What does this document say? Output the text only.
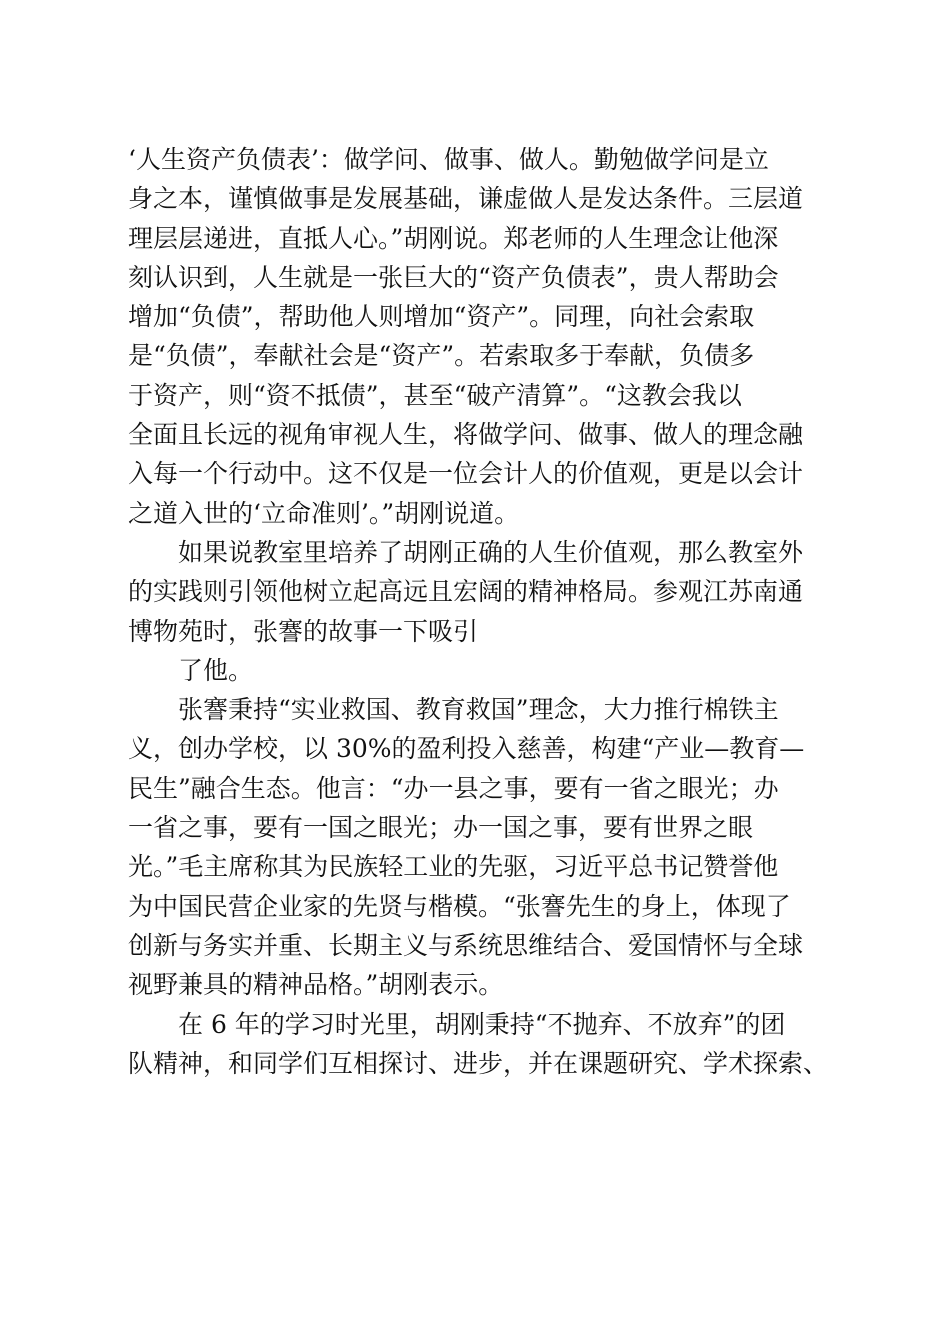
‘人生资产负债表’：做学问、做事、做人。勤勉做学问是立
身之本，谨慎做事是发展基础，谦虚做人是发达条件。三层道
理层层递进，直抵人心。”胡刚说。郑老师的人生理念让他深
刻认识到，人生就是一张巨大的“资产负债表”，贵人帮助会
增加“负债”，帮助他人则增加“资产”。同理，向社会索取
是“负债”，奉献社会是“资产”。若索取多于奉献，负债多
于资产，则“资不抵债”，甚至“破产清算”。“这教会我以
全面且长远的视角审视人生，将做学问、做事、做人的理念融
入每一个行动中。这不仅是一位会计人的价值观，更是以会计
之道入世的‘立命准则’。”胡刚说道。
如果说教室里培养了胡刚正确的人生价值观，那么教室外
的实践则引领他树立起高远且宏阔的精神格局。参观江苏南通
博物苑时，张謇的故事一下吸引
了他。
张謇秉持“实业救国、教育救国”理念，大力推行棉铁主
义，创办学校，以 30%的盈利投入慈善，构建“产业—教育—
民生”融合生态。他言：“办一县之事，要有一省之眼光；办
一省之事，要有一国之眼光；办一国之事，要有世界之眼
光。”毛主席称其为民族轻工业的先驱，习近平总书记赞誉他
为中国民营企业家的先贤与楷模。“张謇先生的身上，体现了
创新与务实并重、长期主义与系统思维结合、爱国情怀与全球
视野兼具的精神品格。”胡刚表示。
在 6 年的学习时光里，胡刚秉持“不抛弃、不放弃”的团
队精神，和同学们互相探讨、进步，并在课题研究、学术探索、
